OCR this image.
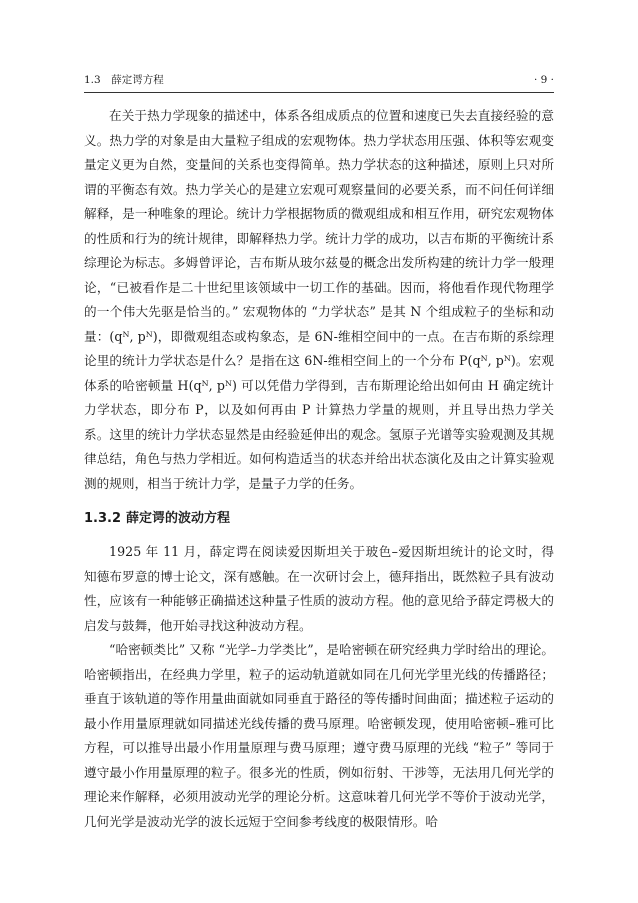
1.3　薛定谔方程	· 9 ·

在关于热力学现象的描述中，体系各组成质点的位置和速度已失去直接经验的意义。热力学的对象是由大量粒子组成的宏观物体。热力学状态用压强、体积等宏观变量定义更为自然，变量间的关系也变得简单。热力学状态的这种描述，原则上只对所谓的平衡态有效。热力学关心的是建立宏观可观察量间的必要关系，而不问任何详细解释，是一种唯象的理论。统计力学根据物质的微观组成和相互作用，研究宏观物体的性质和行为的统计规律，即解释热力学。统计力学的成功，以吉布斯的平衡统计系综理论为标志。多姆曾评论，吉布斯从玻尔兹曼的概念出发所构建的统计力学一般理论，“已被看作是二十世纪里该领域中一切工作的基础。因而，将他看作现代物理学的一个伟大先驱是恰当的。” 宏观物体的 “力学状态” 是其 N 个组成粒子的坐标和动量：(qᴺ, pᴺ)，即微观组态或构象态，是 6N-维相空间中的一点。在吉布斯的系综理论里的统计力学状态是什么？是指在这 6N-维相空间上的一个分布 P(qᴺ, pᴺ)。宏观体系的哈密顿量 H(qᴺ, pᴺ) 可以凭借力学得到，吉布斯理论给出如何由 H 确定统计力学状态，即分布 P，以及如何再由 P 计算热力学量的规则，并且导出热力学关系。这里的统计力学状态显然是由经验延伸出的观念。氢原子光谱等实验观测及其规律总结，角色与热力学相近。如何构造适当的状态并给出状态演化及由之计算实验观测的规则，相当于统计力学，是量子力学的任务。

1.3.2 薛定谔的波动方程

1925 年 11 月，薛定谔在阅读爱因斯坦关于玻色–爱因斯坦统计的论文时，得知德布罗意的博士论文，深有感触。在一次研讨会上，德拜指出，既然粒子具有波动性，应该有一种能够正确描述这种量子性质的波动方程。他的意见给予薛定谔极大的启发与鼓舞，他开始寻找这种波动方程。

“哈密顿类比” 又称 “光学–力学类比”，是哈密顿在研究经典力学时给出的理论。哈密顿指出，在经典力学里，粒子的运动轨道就如同在几何光学里光线的传播路径；垂直于该轨道的等作用量曲面就如同垂直于路径的等传播时间曲面；描述粒子运动的最小作用量原理就如同描述光线传播的费马原理。哈密顿发现，使用哈密顿–雅可比方程，可以推导出最小作用量原理与费马原理；遵守费马原理的光线 “粒子” 等同于遵守最小作用量原理的粒子。很多光的性质，例如衍射、干涉等，无法用几何光学的理论来作解释，必须用波动光学的理论分析。这意味着几何光学不等价于波动光学，几何光学是波动光学的波长远短于空间参考线度的极限情形。哈
